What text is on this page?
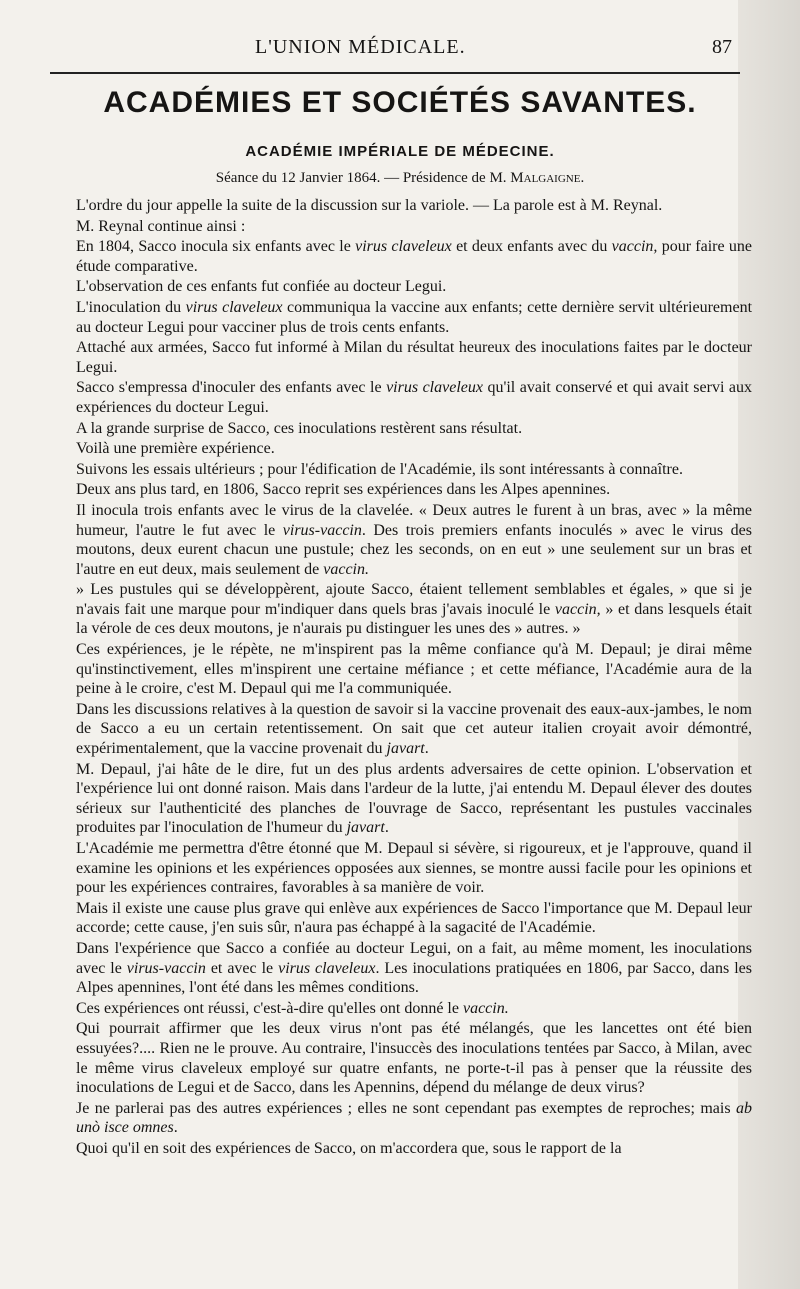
L'UNION MÉDICALE.	87
ACADÉMIES ET SOCIÉTÉS SAVANTES.
ACADÉMIE IMPÉRIALE DE MÉDECINE.
Séance du 12 Janvier 1864. — Présidence de M. Malgaigne.

L'ordre du jour appelle la suite de la discussion sur la variole. — La parole est à M. Reynal.

M. Reynal continue ainsi :

En 1804, Sacco inocula six enfants avec le virus claveleux et deux enfants avec du vaccin, pour faire une étude comparative.

L'observation de ces enfants fut confiée au docteur Legui.

L'inoculation du virus claveleux communiqua la vaccine aux enfants; cette dernière servit ultérieurement au docteur Legui pour vacciner plus de trois cents enfants.

Attaché aux armées, Sacco fut informé à Milan du résultat heureux des inoculations faites par le docteur Legui.

Sacco s'empressa d'inoculer des enfants avec le virus claveleux qu'il avait conservé et qui avait servi aux expériences du docteur Legui.

A la grande surprise de Sacco, ces inoculations restèrent sans résultat.

Voilà une première expérience.

Suivons les essais ultérieurs ; pour l'édification de l'Académie, ils sont intéressants à connaître.

Deux ans plus tard, en 1806, Sacco reprit ses expériences dans les Alpes apennines.

Il inocula trois enfants avec le virus de la clavelée. « Deux autres le furent à un bras, avec » la même humeur, l'autre le fut avec le virus-vaccin. Des trois premiers enfants inoculés » avec le virus des moutons, deux eurent chacun une pustule; chez les seconds, on en eut » une seulement sur un bras et l'autre en eut deux, mais seulement de vaccin.

» Les pustules qui se développèrent, ajoute Sacco, étaient tellement semblables et égales, » que si je n'avais fait une marque pour m'indiquer dans quels bras j'avais inoculé le vaccin, » et dans lesquels était la vérole de ces deux moutons, je n'aurais pu distinguer les unes des » autres. »

Ces expériences, je le répète, ne m'inspirent pas la même confiance qu'à M. Depaul; je dirai même qu'instinctivement, elles m'inspirent une certaine méfiance ; et cette méfiance, l'Académie aura de la peine à le croire, c'est M. Depaul qui me l'a communiquée.

Dans les discussions relatives à la question de savoir si la vaccine provenait des eaux-aux-jambes, le nom de Sacco a eu un certain retentissement. On sait que cet auteur italien croyait avoir démontré, expérimentalement, que la vaccine provenait du javart.

M. Depaul, j'ai hâte de le dire, fut un des plus ardents adversaires de cette opinion. L'observation et l'expérience lui ont donné raison. Mais dans l'ardeur de la lutte, j'ai entendu M. Depaul élever des doutes sérieux sur l'authenticité des planches de l'ouvrage de Sacco, représentant les pustules vaccinales produites par l'inoculation de l'humeur du javart.

L'Académie me permettra d'être étonné que M. Depaul si sévère, si rigoureux, et je l'approuve, quand il examine les opinions et les expériences opposées aux siennes, se montre aussi facile pour les opinions et pour les expériences contraires, favorables à sa manière de voir.

Mais il existe une cause plus grave qui enlève aux expériences de Sacco l'importance que M. Depaul leur accorde; cette cause, j'en suis sûr, n'aura pas échappé à la sagacité de l'Académie.

Dans l'expérience que Sacco a confiée au docteur Legui, on a fait, au même moment, les inoculations avec le virus-vaccin et avec le virus claveleux. Les inoculations pratiquées en 1806, par Sacco, dans les Alpes apennines, l'ont été dans les mêmes conditions.

Ces expériences ont réussi, c'est-à-dire qu'elles ont donné le vaccin.

Qui pourrait affirmer que les deux virus n'ont pas été mélangés, que les lancettes ont été bien essuyées?.... Rien ne le prouve. Au contraire, l'insuccès des inoculations tentées par Sacco, à Milan, avec le même virus claveleux employé sur quatre enfants, ne porte-t-il pas à penser que la réussite des inoculations de Legui et de Sacco, dans les Apennins, dépend du mélange de deux virus?

Je ne parlerai pas des autres expériences ; elles ne sont cependant pas exemptes de reproches; mais ab unò isce omnes.

Quoi qu'il en soit des expériences de Sacco, on m'accordera que, sous le rapport de la
